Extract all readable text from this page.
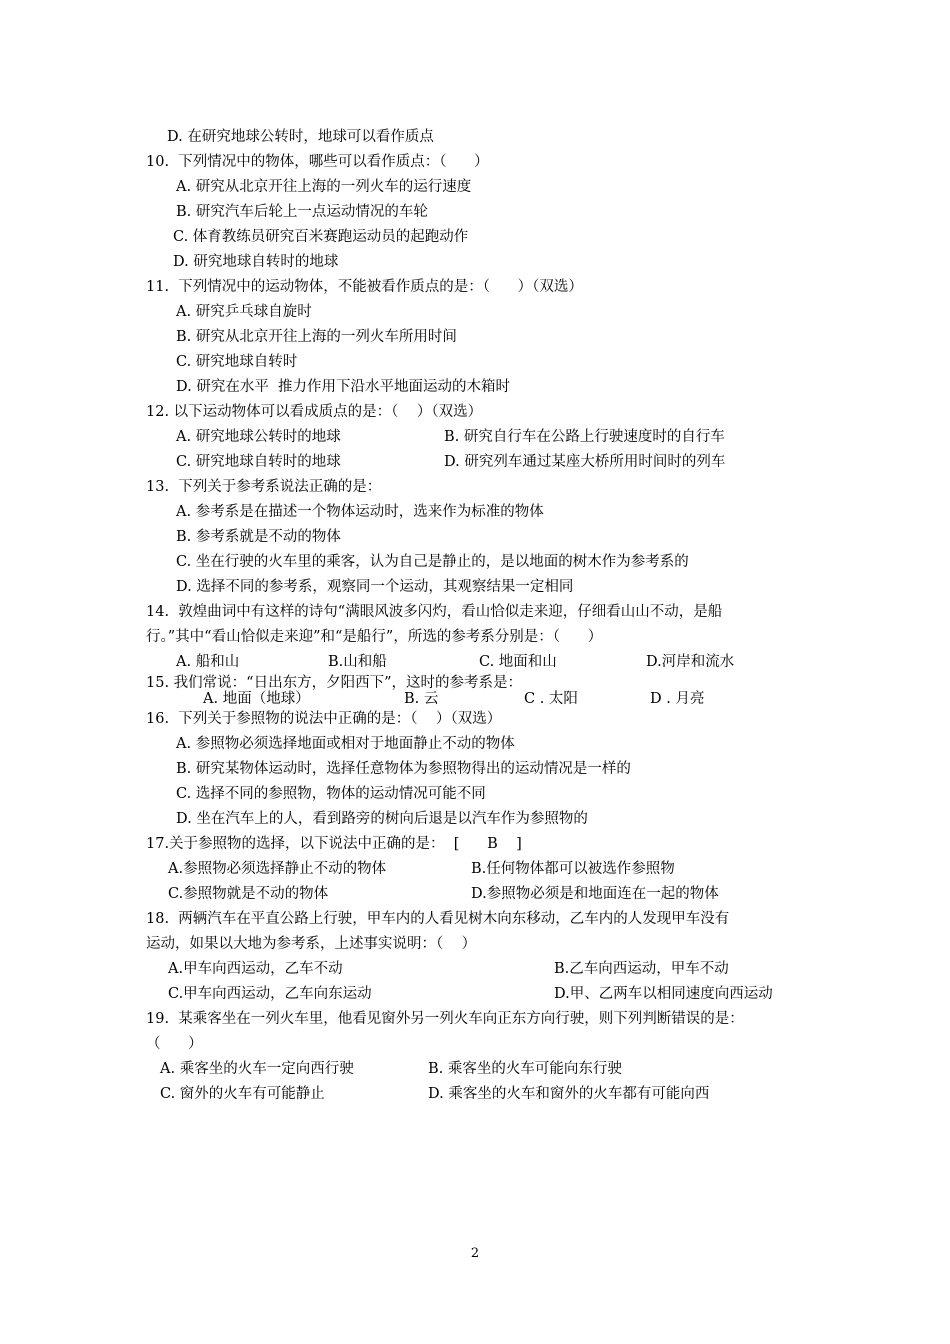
D. 在研究地球公转时，地球可以看作质点
10.  下列情况中的物体，哪些可以看作质点：（      ）
A. 研究从北京开往上海的一列火车的运行速度
B. 研究汽车后轮上一点运动情况的车轮
C. 体育教练员研究百米赛跑运动员的起跑动作
D. 研究地球自转时的地球
11.  下列情况中的运动物体，不能被看作质点的是：（      ）（双选）
A. 研究乒乓球自旋时
B. 研究从北京开往上海的一列火车所用时间
C. 研究地球自转时
D. 研究在水平  推力作用下沿水平地面运动的木箱时
12. 以下运动物体可以看成质点的是：（    ）（双选）
A. 研究地球公转时的地球	B. 研究自行车在公路上行驶速度时的自行车
C. 研究地球自转时的地球	D. 研究列车通过某座大桥所用时间时的列车
13.  下列关于参考系说法正确的是：
A. 参考系是在描述一个物体运动时，选来作为标准的物体
B. 参考系就是不动的物体
C. 坐在行驶的火车里的乘客，认为自己是静止的，是以地面的树木作为参考系的
D. 选择不同的参考系，观察同一个运动，其观察结果一定相同
14.  敦煌曲词中有这样的诗句“满眼风波多闪灼，看山恰似走来迎，仔细看山山不动，是船
行。”其中“看山恰似走来迎”和“是船行”，所选的参考系分别是：（      ）
A. 船和山	B.山和船	C. 地面和山	D.河岸和流水
15. 我们常说：“日出东方，夕阳西下”，这时的参考系是：
A. 地面（地球）	B. 云	C . 太阳	D . 月亮
16.  下列关于参照物的说法中正确的是：（    ）（双选）
A. 参照物必须选择地面或相对于地面静止不动的物体
B. 研究某物体运动时，选择任意物体为参照物得出的运动情况是一样的
C. 选择不同的参照物，物体的运动情况可能不同
D. 坐在汽车上的人，看到路旁的树向后退是以汽车作为参照物的
17.关于参照物的选择，以下说法中正确的是：  [      B    ]
A.参照物必须选择静止不动的物体	B.任何物体都可以被选作参照物
C.参照物就是不动的物体	D.参照物必须是和地面连在一起的物体
18.  两辆汽车在平直公路上行驶，甲车内的人看见树木向东移动，乙车内的人发现甲车没有
运动，如果以大地为参考系，上述事实说明：（    ）
A.甲车向西运动，乙车不动	B.乙车向西运动，甲车不动
C.甲车向西运动，乙车向东运动	D.甲、乙两车以相同速度向西运动
19.  某乘客坐在一列火车里，他看见窗外另一列火车向正东方向行驶，则下列判断错误的是：
（      ）
A. 乘客坐的火车一定向西行驶	B. 乘客坐的火车可能向东行驶
C. 窗外的火车有可能静止	D. 乘客坐的火车和窗外的火车都有可能向西
2
